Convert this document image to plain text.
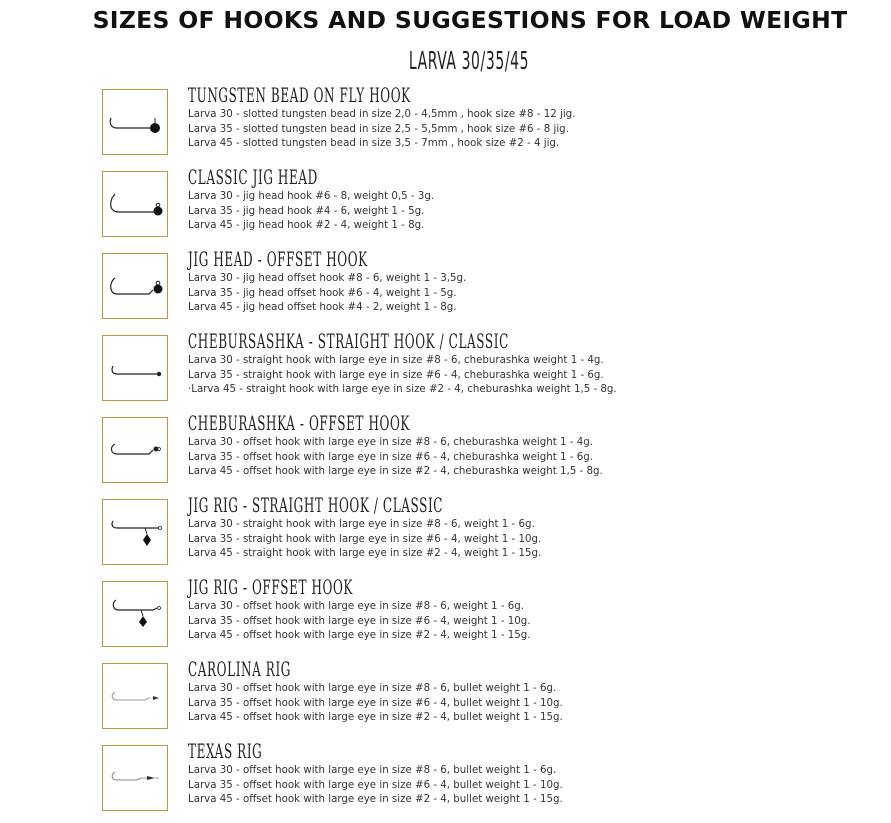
SIZES OF HOOKS AND SUGGESTIONS FOR LOAD WEIGHT
LARVA 30/35/45
TUNGSTEN BEAD ON FLY HOOK
Larva 30 - slotted tungsten bead in size 2,0 - 4,5mm , hook size #8 - 12 jig.
Larva 35 - slotted tungsten bead in size 2,5 - 5,5mm , hook size #6 - 8 jig.
Larva 45 - slotted tungsten bead in size 3,5 - 7mm , hook size #2 - 4 jig.
CLASSIC JIG HEAD
Larva 30 - jig head hook #6 - 8, weight 0,5 - 3g.
Larva 35 - jig head hook #4 - 6, weight 1 - 5g.
Larva 45 - jig head hook #2 - 4, weight 1 - 8g.
JIG HEAD - OFFSET HOOK
Larva 30 - jig head offset hook #8 - 6, weight 1 - 3,5g.
Larva 35 - jig head offset hook #6 - 4, weight 1 - 5g.
Larva 45 - jig head offset hook #4 - 2, weight 1 - 8g.
CHEBURSASHKA - STRAIGHT HOOK / CLASSIC
Larva 30 - straight hook with large eye in size #8 - 6, cheburashka weight 1 - 4g.
Larva 35 - straight hook with large eye in size #6 - 4, cheburashka weight 1 - 6g.
·Larva 45 - straight hook with large eye in size #2 - 4, cheburashka weight 1,5 - 8g.
CHEBURASHKA - OFFSET HOOK
Larva 30 - offset hook with large eye in size #8 - 6, cheburashka weight 1 - 4g.
Larva 35 - offset hook with large eye in size #6 - 4, cheburashka weight 1 - 6g.
Larva 45 - offset hook with large eye in size #2 - 4, cheburashka weight 1,5 - 8g.
JIG RIG - STRAIGHT HOOK / CLASSIC
Larva 30 - straight hook with large eye in size #8 - 6, weight 1 - 6g.
Larva 35 - straight hook with large eye in size #6 - 4, weight 1 - 10g.
Larva 45 - straight hook with large eye in size #2 - 4, weight 1 - 15g.
JIG RIG - OFFSET HOOK
Larva 30 - offset hook with large eye in size #8 - 6, weight 1 - 6g.
Larva 35 - offset hook with large eye in size #6 - 4, weight 1 - 10g.
Larva 45 - offset hook with large eye in size #2 - 4, weight 1 - 15g.
CAROLINA RIG
Larva 30 - offset hook with large eye in size #8 - 6, bullet weight 1 - 6g.
Larva 35 - offset hook with large eye in size #6 - 4, bullet weight 1 - 10g.
Larva 45 - offset hook with large eye in size #2 - 4, bullet weight 1 - 15g.
TEXAS RIG
Larva 30 - offset hook with large eye in size #8 - 6, bullet weight 1 - 6g.
Larva 35 - offset hook with large eye in size #6 - 4, bullet weight 1 - 10g.
Larva 45 - offset hook with large eye in size #2 - 4, bullet weight 1 - 15g.
